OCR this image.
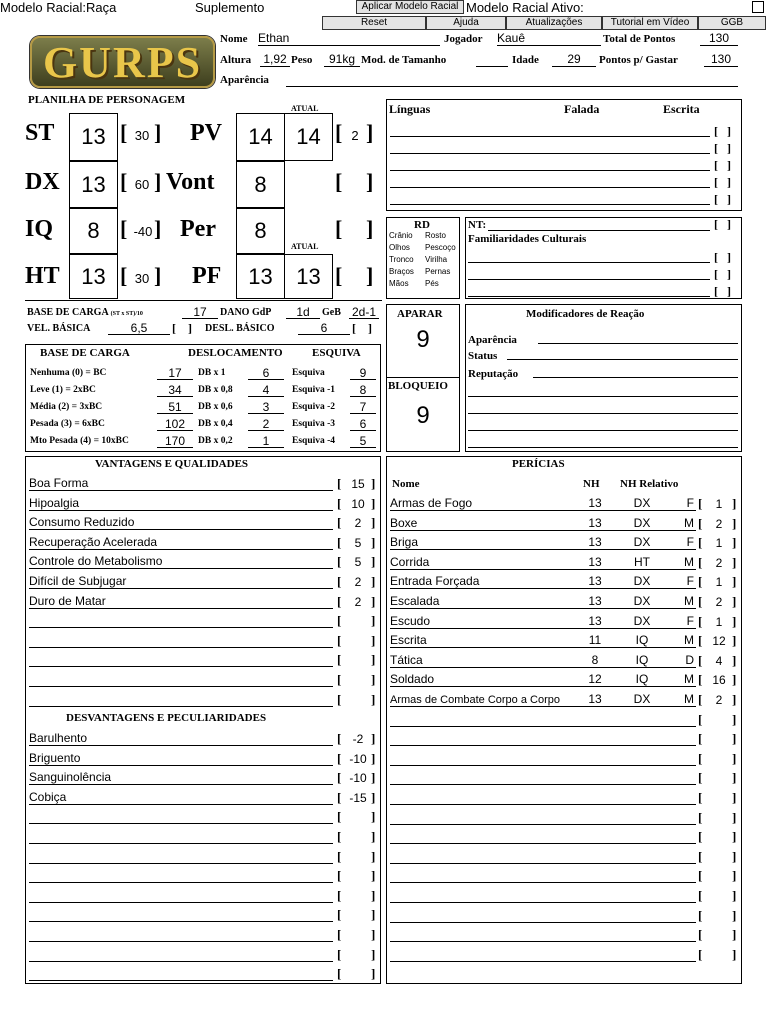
Modelo Racial:Raça	Suplemento	Aplicar Modelo Racial Modelo Racial Ativo:
Reset	Ajuda	Atualizações	Tutorial em Vídeo	GGB
GURPS
PLANILHA DE PERSONAGEM
Nome Ethan	Jogador Kauê	Total de Pontos	130
Altura 1,92 Peso	91kg Mod. de Tamanho	Idade	29	Pontos p/ Gastar	130
Aparência
ATUAL
ATUAL
ST	13 [ 30 ]
DX 13 [ 60 ]
IQ	8 [ -40 ]
HT 13 [ 30 ]
PV	14	14 [ 2 ]
Vont	8	[ ]
Per	8	[ ]
PF	13	13 [ ]
BASE DE CARGA (ST x ST)/10	17	DANO GdP	1d	GeB 2d-1
VEL. BÁSICA	6,5	[    ] DESL. BÁSICO	6	[    ]
BASE DE CARGA	DESLOCAMENTO	ESQUIVA
Nenhuma (0) = BC	17	DB x 1	6	Esquiva	9
Leve (1) = 2xBC	34	DB x 0,8	4	Esquiva -1	8
Média (2) = 3xBC	51	DB x 0,6	3	Esquiva -2	7
Pesada (3) = 6xBC	102	DB x 0,4	2	Esquiva -3	6
Mto Pesada (4) = 10xBC	170	DB x 0,2	1	Esquiva -4	5
Línguas	Falada	Escrita
[   ]
[   ]
[   ]
[   ]
[   ]
RD
Crânio
Olhos
Tronco
Braços
Mãos
Rosto
Pescoço
Virilha
Pernas
Pés
NT:	[   ]
Familiaridades Culturais
[   ]
[   ]
[   ]
APARAR
9
BLOQUEIO
9
Modificadores de Reação
Aparência
Status
Reputação
VANTAGENS E QUALIDADES
Boa Forma	[ 15 ]
Hipoalgia	[ 10 ]
Consumo Reduzido	[	2 ]
Recuperação Acelerada	[	5 ]
Controle do Metabolismo	[	5 ]
Difícil de Subjugar	[	2 ]
Duro de Matar	[	2 ]
[ ]
[ ]
[ ]
[ ]
[ ]
DESVANTAGENS E PECULIARIDADES
Barulhento	[ -2 ]
Briguento	[ -10 ]
Sanguinolência	[ -10 ]
Cobiça	[ -15 ]
[ ]
[ ]
[ ]
[ ]
[ ]
[ ]
[ ]
[ ]
[ ]
PERÍCIAS
Nome	NH NH Relativo
Armas de Fogo	13	DX	F [	1 ]
Boxe	13	DX	M [	2 ]
Briga	13	DX	F [	1 ]
Corrida	13	HT	M [	2 ]
Entrada Forçada	13	DX	F [	1 ]
Escalada	13	DX	M [	2 ]
Escudo	13	DX	F [	1 ]
Escrita	11	IQ	M [ 12 ]
Tática	8	IQ	D [	4 ]
Soldado	12	IQ	M [ 16 ]
Armas de Combate Corpo a Corpo	13	DX	M [	2 ]
[ ]
[ ]
[ ]
[ ]
[ ]
[ ]
[ ]
[ ]
[ ]
[ ]
[ ]
[ ]
[ ]
